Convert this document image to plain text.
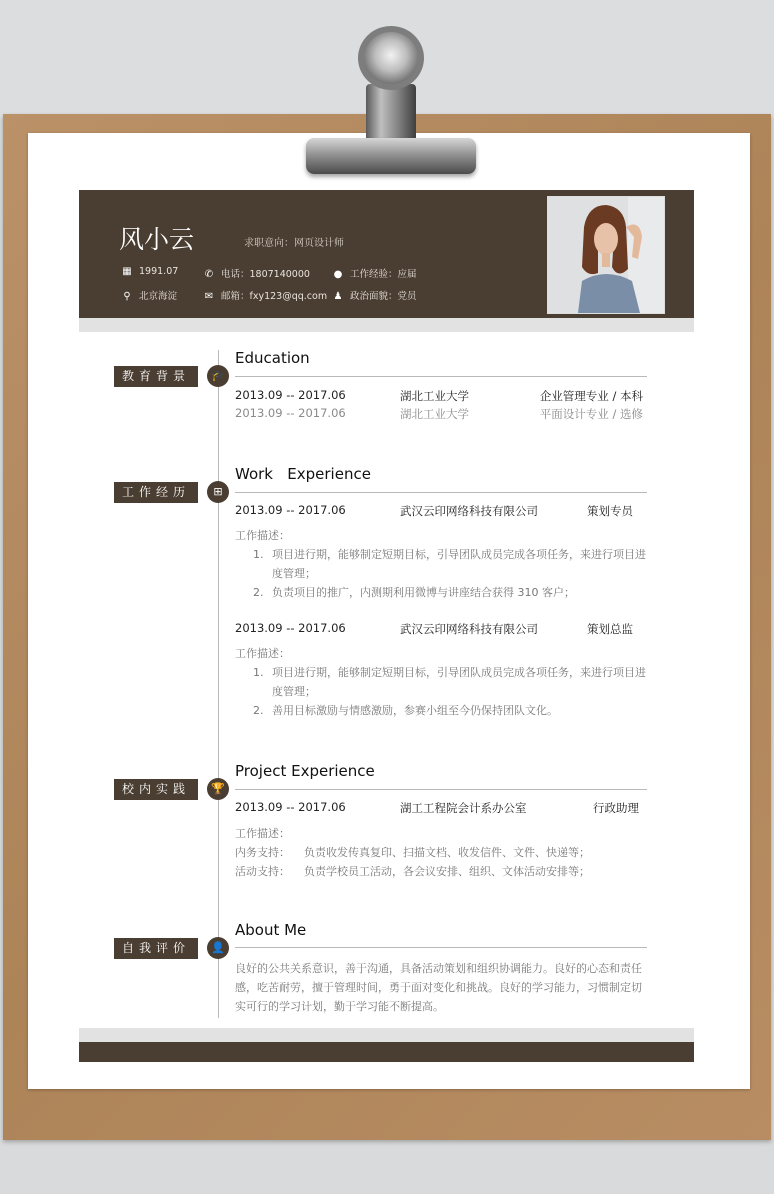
风小云	求职意向：网页设计师
▦ 1991.07	✆ 电话：1807140000 ● 工作经验：应届
⚲ 北京海淀	✉ 邮箱：fxy123@qq.com ♟ 政治面貌：党员
教育背景	🎓
Education
2013.09 -- 2017.06	湖北工业大学	企业管理专业 / 本科
2013.09 -- 2017.06	湖北工业大学	平面设计专业 / 选修
工作经历	⊞
Work   Experience
2013.09 -- 2017.06	武汉云印网络科技有限公司	策划专员
工作描述：
1. 项目进行期，能够制定短期目标，引导团队成员完成各项任务，来进行项目进度管理；
2. 负责项目的推广，内测期利用微博与讲座结合获得 310 客户；
2013.09 -- 2017.06	武汉云印网络科技有限公司	策划总监
工作描述：
1. 项目进行期，能够制定短期目标，引导团队成员完成各项任务，来进行项目进度管理；
2. 善用目标激励与情感激励，参赛小组至今仍保持团队文化。
校内实践	🏆
Project Experience
2013.09 -- 2017.06	湖工工程院会计系办公室	行政助理
工作描述：
内务支持： 负责收发传真复印、扫描文档、收发信件、文件、快递等；
活动支持： 负责学校员工活动，各会议安排、组织、文体活动安排等；
自我评价	👤
About Me
良好的公共关系意识，善于沟通，具备活动策划和组织协调能力。良好的心态和责任感，吃苦耐劳，擅于管理时间，勇于面对变化和挑战。良好的学习能力，习惯制定切实可行的学习计划，勤于学习能不断提高。
